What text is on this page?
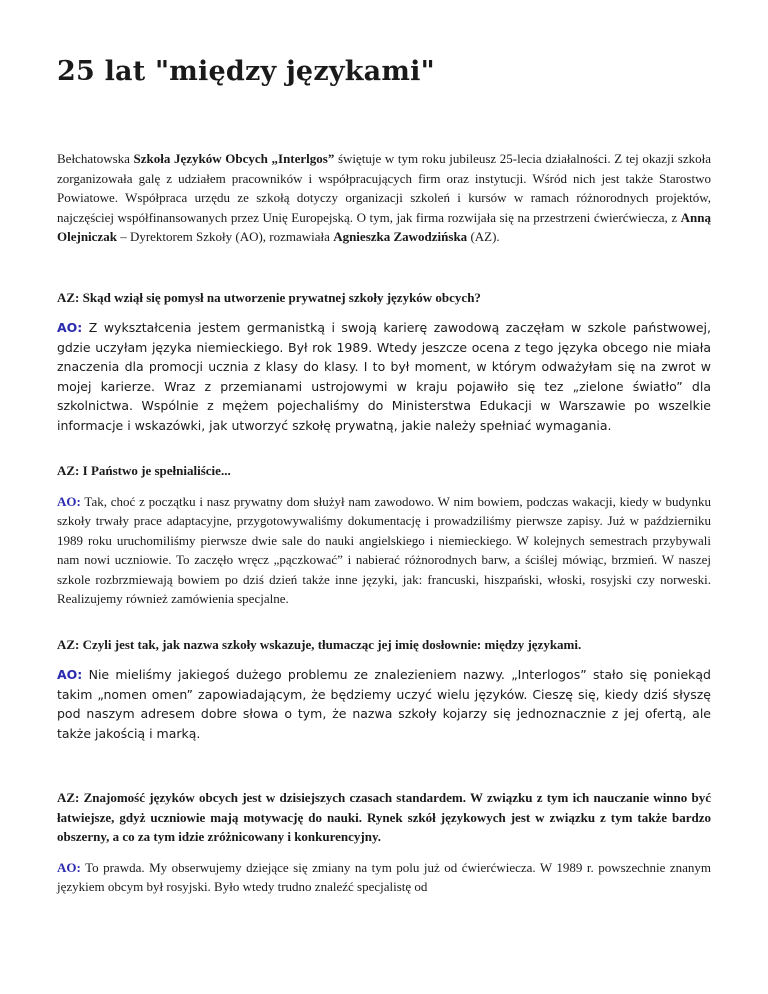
25 lat "między językami"

Bełchatowska Szkoła Języków Obcych „Interlgos” świętuje w tym roku jubileusz 25-lecia działalności. Z tej okazji szkoła zorganizowała galę z udziałem pracowników i współpracujących firm oraz instytucji. Wśród nich jest także Starostwo Powiatowe. Współpraca urzędu ze szkołą dotyczy organizacji szkoleń i kursów w ramach różnorodnych projektów, najczęściej współfinansowanych przez Unię Europejską. O tym, jak firma rozwijała się na przestrzeni ćwierćwiecza, z Anną Olejniczak – Dyrektorem Szkoły (AO), rozmawiała Agnieszka Zawodzińska (AZ).

AZ: Skąd wziął się pomysł na utworzenie prywatnej szkoły języków obcych?

AO: Z wykształcenia jestem germanistką i swoją karierę zawodową zaczęłam w szkole państwowej, gdzie uczyłam języka niemieckiego. Był rok 1989. Wtedy jeszcze ocena z tego języka obcego nie miała znaczenia dla promocji ucznia z klasy do klasy. I to był moment, w którym odważyłam się na zwrot w mojej karierze. Wraz z przemianami ustrojowymi w kraju pojawiło się tez „zielone światło” dla szkolnictwa. Wspólnie z mężem pojechaliśmy do Ministerstwa Edukacji w Warszawie po wszelkie informacje i wskazówki, jak utworzyć szkołę prywatną, jakie należy spełniać wymagania.

AZ: I Państwo je spełnialiście...

AO: Tak, choć z początku i nasz prywatny dom służył nam zawodowo. W nim bowiem, podczas wakacji, kiedy w budynku szkoły trwały prace adaptacyjne, przygotowywaliśmy dokumentację i prowadziliśmy pierwsze zapisy. Już w październiku 1989 roku uruchomiliśmy pierwsze dwie sale do nauki angielskiego i niemieckiego. W kolejnych semestrach przybywali nam nowi uczniowie. To zaczęło wręcz „pączkować” i nabierać różnorodnych barw, a ściślej mówiąc, brzmień. W naszej szkole rozbrzmiewają bowiem po dziś dzień także inne języki, jak: francuski, hiszpański, włoski, rosyjski czy norweski. Realizujemy również zamówienia specjalne.

AZ: Czyli jest tak, jak nazwa szkoły wskazuje, tłumacząc jej imię dosłownie: między językami.

AO: Nie mieliśmy jakiegoś dużego problemu ze znalezieniem nazwy. „Interlogos” stało się poniekąd takim „nomen omen” zapowiadającym, że będziemy uczyć wielu języków. Cieszę się, kiedy dziś słyszę pod naszym adresem dobre słowa o tym, że nazwa szkoły kojarzy się jednoznacznie z jej ofertą, ale także jakością i marką.

AZ: Znajomość języków obcych jest w dzisiejszych czasach standardem. W związku z tym ich nauczanie winno być łatwiejsze, gdyż uczniowie mają motywację do nauki. Rynek szkół językowych jest w związku z tym także bardzo obszerny, a co za tym idzie zróżnicowany i konkurencyjny.

AO: To prawda. My obserwujemy dziejące się zmiany na tym polu już od ćwierćwiecza. W 1989 r. powszechnie znanym językiem obcym był rosyjski. Było wtedy trudno znaleźć specjalistę od
